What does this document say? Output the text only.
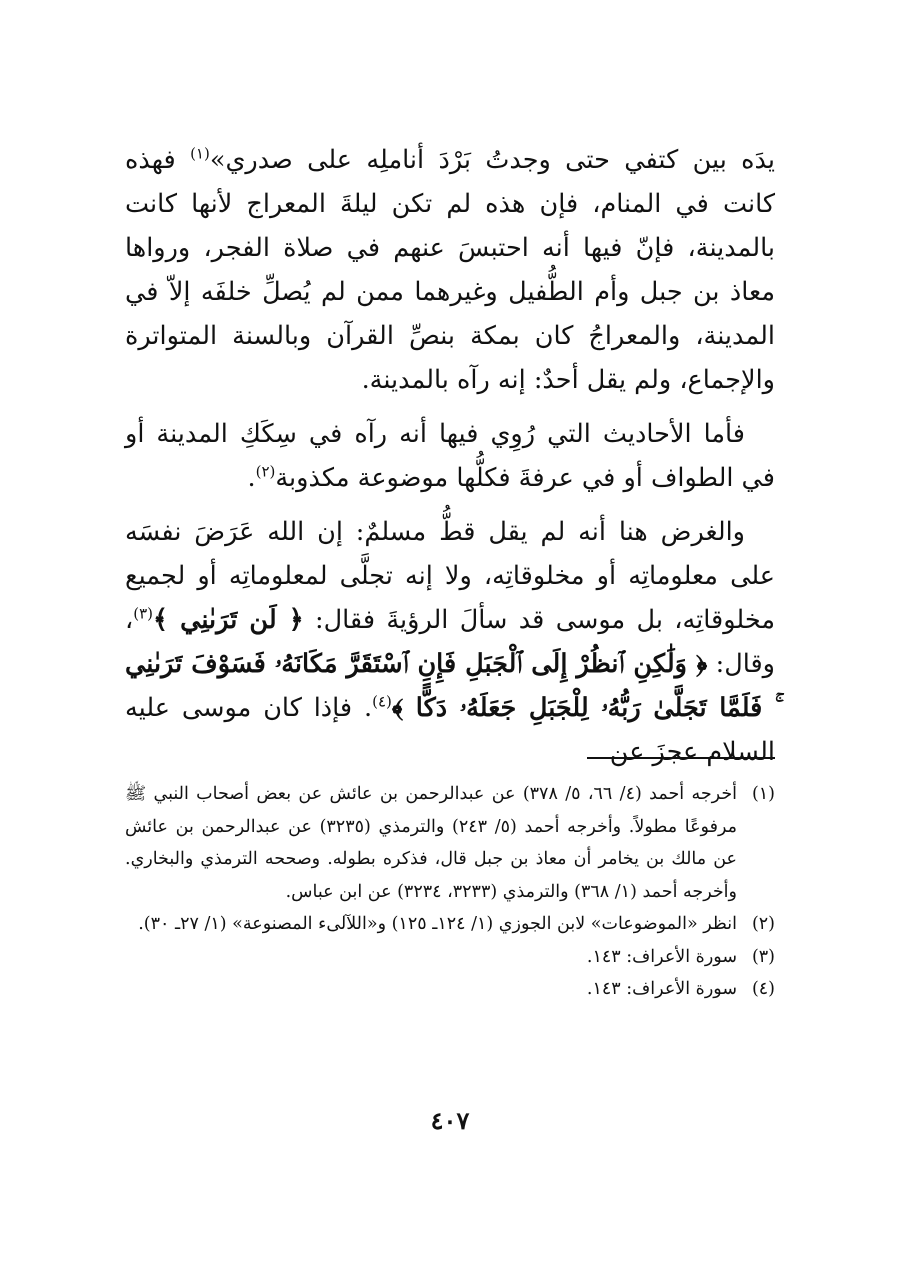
يدَه بين كتفي حتى وجدتُ بَرْدَ أناملِه على صدري»$^{(١)}$ فهذه كانت في المنام، فإن هذه لم تكن ليلةَ المعراج لأنها كانت بالمدينة، فإنّ فيها أنه احتبسَ عنهم في صلاة الفجر، ورواها معاذ بن جبل وأم الطُّفيل وغيرهما ممن لم يُصلِّ خلفَه إلاّ في المدينة، والمعراجُ كان بمكة بنصِّ القرآن وبالسنة المتواترة والإجماع، ولم يقل أحدٌ: إنه رآه بالمدينة.

فأما الأحاديث التي رُوِي فيها أنه رآه في سِكَكِ المدينة أو في الطواف أو في عرفةَ فكلُّها موضوعة مكذوبة$^{(٢)}$.

والغرض هنا أنه لم يقل قطُّ مسلمٌ: إن الله عَرَضَ نفسَه على معلوماتِه أو مخلوقاتِه، ولا إنه تجلَّى لمعلوماتِه أو لجميع مخلوقاتِه، بل موسى قد سألَ الرؤيةَ فقال: ﴿ لَن تَرَىٰنِي ﴾$^{(٣)}$، وقال: ﴿ وَلَٰكِنِ ٱنظُرْ إِلَى ٱلْجَبَلِ فَإِنِ ٱسْتَقَرَّ مَكَانَهُۥ فَسَوْفَ تَرَىٰنِي ۚ فَلَمَّا تَجَلَّىٰ رَبُّهُۥ لِلْجَبَلِ جَعَلَهُۥ دَكًّا ﴾$^{(٤)}$. فإذا كان موسى عليه السلام عجزَ عن

(١)
أخرجه أحمد (٤/ ٦٦، ٥/ ٣٧٨) عن عبدالرحمن بن عائش عن بعض أصحاب النبي ﷺ مرفوعًا مطولاً. وأخرجه أحمد (٥/ ٢٤٣) والترمذي (٣٢٣٥) عن عبدالرحمن بن عائش عن مالك بن يخامر أن معاذ بن جبل قال، فذكره بطوله. وصححه الترمذي والبخاري. وأخرجه أحمد (١/ ٣٦٨) والترمذي (٣٢٣٣، ٣٢٣٤) عن ابن عباس.
(٢)
انظر «الموضوعات» لابن الجوزي (١/ ١٢٤ـ ١٢٥) و«اللآلىء المصنوعة» (١/ ٢٧ـ ٣٠).
(٣)
سورة الأعراف: ١٤٣.
(٤)
سورة الأعراف: ١٤٣.
٤٠٧
